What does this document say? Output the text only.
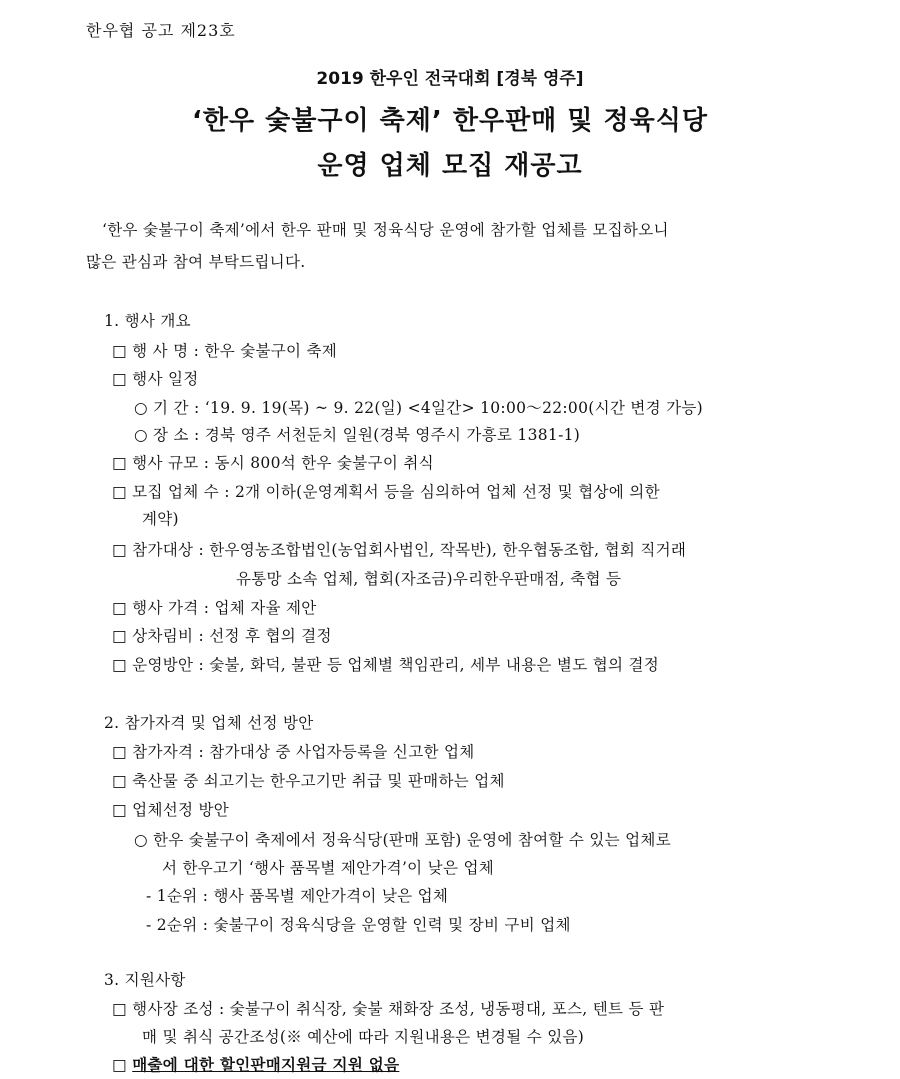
한우협 공고 제23호
2019 한우인 전국대회 [경북 영주]
‘한우 숯불구이 축제’ 한우판매 및 정육식당
운영 업체 모집 재공고
‘한우 숯불구이 축제’에서 한우 판매 및 정육식당 운영에 참가할 업체를 모집하오니
많은 관심과 참여 부탁드립니다.
1. 행사 개요
□ 행 사 명 : 한우 숯불구이 축제
□ 행사 일정
○ 기 간 : ‘19. 9. 19(목) ~ 9. 22(일) <4일간> 10:00～22:00(시간 변경 가능)
○ 장 소 : 경북 영주 서천둔치 일원(경북 영주시 가흥로 1381-1)
□ 행사 규모 : 동시 800석 한우 숯불구이 취식
□ 모집 업체 수 : 2개 이하(운영계획서 등을 심의하여 업체 선정 및 협상에 의한
계약)
□ 참가대상 : 한우영농조합법인(농업회사법인, 작목반), 한우협동조합, 협회 직거래
유통망 소속 업체, 협회(자조금)우리한우판매점, 축협 등
□ 행사 가격 : 업체 자율 제안
□ 상차림비 : 선정 후 협의 결정
□ 운영방안 : 숯불, 화덕, 불판 등 업체별 책임관리, 세부 내용은 별도 협의 결정
2. 참가자격 및 업체 선정 방안
□ 참가자격 : 참가대상 중 사업자등록을 신고한 업체
□ 축산물 중 쇠고기는 한우고기만 취급 및 판매하는 업체
□ 업체선정 방안
○ 한우 숯불구이 축제에서 정육식당(판매 포함) 운영에 참여할 수 있는 업체로
서 한우고기 ‘행사 품목별 제안가격’이 낮은 업체
- 1순위 : 행사 품목별 제안가격이 낮은 업체
- 2순위 : 숯불구이 정육식당을 운영할 인력 및 장비 구비 업체
3. 지원사항
□ 행사장 조성 : 숯불구이 취식장, 숯불 채화장 조성, 냉동평대, 포스, 텐트 등 판
매 및 취식 공간조성(※ 예산에 따라 지원내용은 변경될 수 있음)
□ 매출에 대한 할인판매지원금 지원 없음
